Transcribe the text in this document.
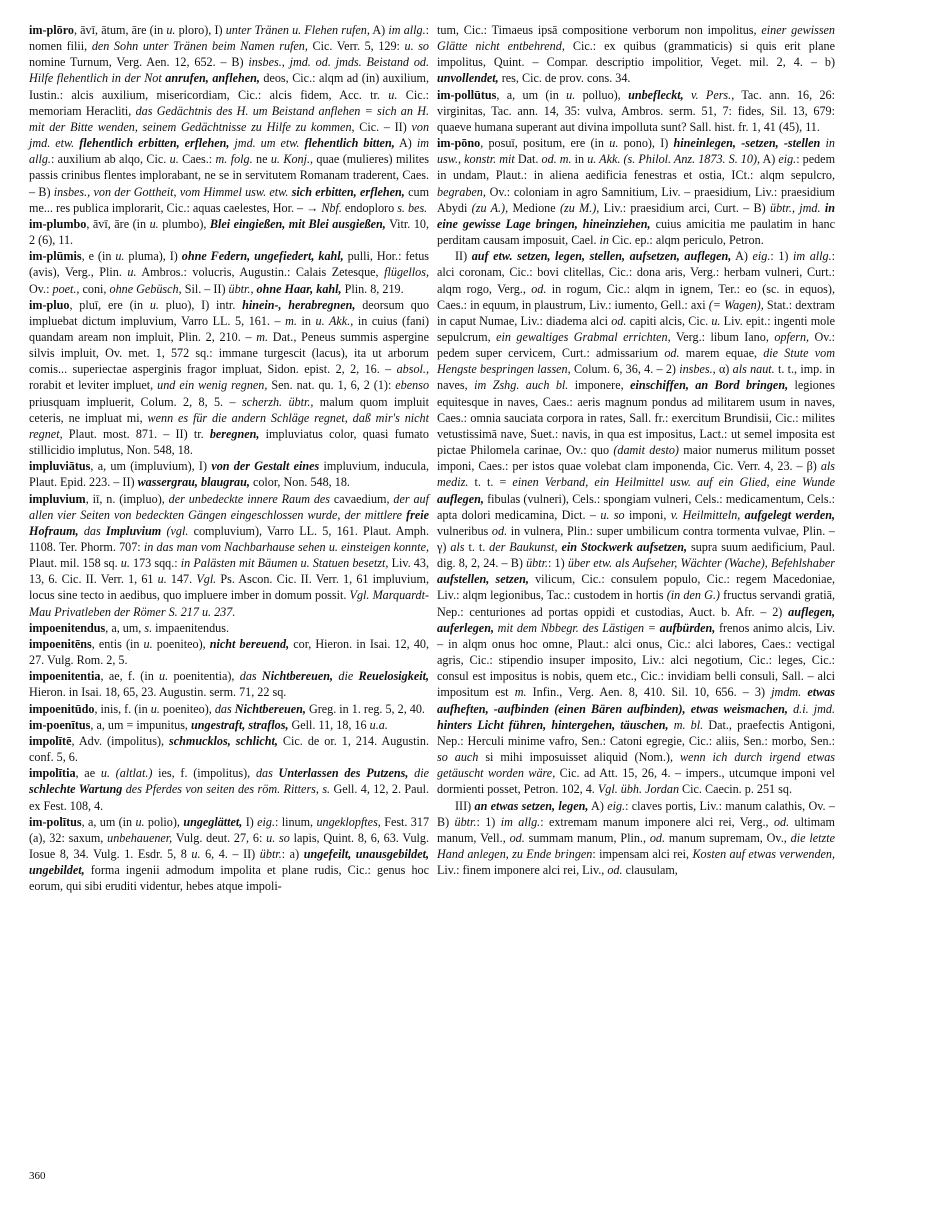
im-plōro, āvī, ātum, āre (in u. ploro), I) unter Tränen u. Flehen rufen, A) im allg.: nomen filii, den Sohn unter Tränen beim Namen rufen, Cic. Verr. 5, 129: u. so nomine Turnum, Verg. Aen. 12, 652. – B) insbes., jmd. od. jmds. Beistand od. Hilfe flehentlich in der Not anrufen, anflehen, deos, Cic.: alqm ad (in) auxilium, Iustin.: alcis auxilium, misericordiam, Cic.: alcis fidem, Acc. tr. u. Cic.: memoriam Heracliti, das Gedächtnis des H. um Beistand anflehen = sich an H. mit der Bitte wenden, seinem Gedächtnisse zu Hilfe zu kommen, Cic. – II) von jmd. etw. flehentlich erbitten, erflehen, jmd. um etw. flehentlich bitten, A) im allg.: auxilium ab alqo, Cic. u. Caes.: m. folg. ne u. Konj., quae (mulieres) milites passis crinibus flentes implorabant, ne se in servitutem Romanam traderent, Caes. – B) insbes., von der Gottheit, vom Himmel usw. etw. sich erbitten, erflehen, cum me... res publica implorarit, Cic.: aquas caelestes, Hor. – → Nbf. endoploro s. bes.

im-plumbo, āvī, āre (in u. plumbo), Blei eingießen, mit Blei ausgießen, Vitr. 10, 2 (6), 11.

im-plūmis, e (in u. pluma), I) ohne Federn, ungefiedert, kahl, pulli, Hor.: fetus (avis), Verg., Plin. u. Ambros.: volucris, Augustin.: Calais Zetesque, flügellos, Ov.: poet., coni, ohne Gebüsch, Sil. – II) übtr., ohne Haar, kahl, Plin. 8, 219.

im-pluo, pluī, ere (in u. pluo), I) intr. hinein-, herabregnen, deorsum quo impluebat dictum impluvium, Varro LL. 5, 161. – m. in u. Akk., in cuius (fani) quandam aream non impluit, Plin. 2, 210. – m. Dat., Peneus summis aspergine silvis impluit, Ov. met. 1, 572 sq.: immane turgescit (lacus), ita ut arborum comis... superiectae asperginis fragor impluat, Sidon. epist. 2, 2, 16. – absol., rorabit et leviter impluet, und ein wenig regnen, Sen. nat. qu. 1, 6, 2 (1): ebenso priusquam impluerit, Colum. 2, 8, 5. – scherzh. übtr., malum quom impluit ceteris, ne impluat mi, wenn es für die andern Schläge regnet, daß mir's nicht regnet, Plaut. most. 871. – II) tr. beregnen, impluviatus color, quasi fumato stillicidio implutus, Non. 548, 18.

impluviātus, a, um (impluvium), I) von der Gestalt eines impluvium, inducula, Plaut. Epid. 223. – II) wassergrau, blaugrau, color, Non. 548, 18.

impluvium, iī, n. (impluo), der unbedeckte innere Raum des cavaedium, der auf allen vier Seiten von bedeckten Gängen eingeschlossen wurde, der mittlere freie Hofraum, das Impluvium (vgl. compluvium), Varro LL. 5, 161. Plaut. Amph. 1108. Ter. Phorm. 707: in das man vom Nachbarhause sehen u. einsteigen konnte, Plaut. mil. 158 sq. u. 173 sqq.: in Palästen mit Bäumen u. Statuen besetzt, Liv. 43, 13, 6. Cic. II. Verr. 1, 61 u. 147. Vgl. Ps. Ascon. Cic. II. Verr. 1, 61 impluvium, locus sine tecto in aedibus, quo impluere imber in domum possit. Vgl. Marquardt-Mau Privatleben der Römer S. 217 u. 237.

impoenitendus, a, um, s. impaenitendus.

impoenitēns, entis (in u. poeniteo), nicht bereuend, cor, Hieron. in Isai. 12, 40, 27. Vulg. Rom. 2, 5.

impoenitentia, ae, f. (in u. poenitentia), das Nichtbereuen, die Reuelosigkeit, Hieron. in Isai. 18, 65, 23. Augustin. serm. 71, 22 sq.

impoenitūdo, inis, f. (in u. poeniteo), das Nichtbereuen, Greg. in 1. reg. 5, 2, 40.

im-poenītus, a, um = impunitus, ungestraft, straflos, Gell. 11, 18, 16 u.a.

impolītē, Adv. (impolitus), schmucklos, schlicht, Cic. de or. 1, 214. Augustin. conf. 5, 6.

impolītia, ae u. (altlat.) ies, f. (impolitus), das Unterlassen des Putzens, die schlechte Wartung des Pferdes von seiten des röm. Ritters, s. Gell. 4, 12, 2. Paul. ex Fest. 108, 4.

im-polītus, a, um (in u. polio), ungeglättet, I) eig.: linum, ungeklopftes, Fest. 317 (a), 32: saxum, unbehauener, Vulg. deut. 27, 6: u. so lapis, Quint. 8, 6, 63. Vulg. Iosue 8, 34. Vulg. 1. Esdr. 5, 8 u. 6, 4. – II) übtr.: a) ungefeilt, unausgebildet, ungebildet, forma ingenii admodum impolita et plane rudis, Cic.: genus hoc eorum, qui sibi eruditi videntur, hebes atque impoli-

tum, Cic.: Timaeus ipsā compositione verborum non impolitus, einer gewissen Glätte nicht entbehrend, Cic.: ex quibus (grammaticis) si quis erit plane impolitus, Quint. – Compar. descriptio impolitior, Veget. mil. 2, 4. – b) unvollendet, res, Cic. de prov. cons. 34.

im-pollūtus, a, um (in u. polluo), unbefleckt, v. Pers., Tac. ann. 16, 26: virginitas, Tac. ann. 14, 35: vulva, Ambros. serm. 51, 7: fides, Sil. 13, 679: quaeve humana superant aut divina impolluta sunt? Sall. hist. fr. 1, 41 (45), 11.

im-pōno, posuī, positum, ere (in u. pono), I) hineinlegen, -setzen, -stellen in usw., konstr. mit Dat. od. m. in u. Akk. (s. Philol. Anz. 1873. S. 10), A) eig.: pedem in undam, Plaut.: in aliena aedificia fenestras et ostia, ICt.: alqm sepulcro, begraben, Ov.: coloniam in agro Samnitium, Liv. – praesidium, Liv.: praesidium Abydi (zu A.), Medione (zu M.), Liv.: praesidium arci, Curt. – B) übtr., jmd. in eine gewisse Lage bringen, hineinziehen, cuius amicitia me paulatim in hanc perditam causam imposuit, Cael. in Cic. ep.: alqm periculo, Petron.

II) auf etw. setzen, legen, stellen, aufsetzen, auflegen, A) eig.: 1) im allg.: alci coronam, Cic.: bovi clitellas, Cic.: dona aris, Verg.: herbam vulneri, Curt.: alqm rogo, Verg., od. in rogum, Cic.: alqm in ignem, Ter.: eo (sc. in equos), Caes.: in equum, in plaustrum, Liv.: iumento, Gell.: axi (= Wagen), Stat.: dextram in caput Numae, Liv.: diadema alci od. capiti alcis, Cic. u. Liv. epit.: ingenti mole sepulcrum, ein gewaltiges Grabmal errichten, Verg.: libum Iano, opfern, Ov.: pedem super cervicem, Curt.: admissarium od. marem equae, die Stute vom Hengste bespringen lassen, Colum. 6, 36, 4. – 2) insbes., α) als naut. t. t., imp. in naves, im Zshg. auch bl. imponere, einschiffen, an Bord bringen, legiones equitesque in naves, Caes.: aeris magnum pondus ad militarem usum in naves, Caes.: omnia sauciata corpora in rates, Sall. fr.: exercitum Brundisii, Cic.: milites vetustissimā nave, Suet.: navis, in qua est impositus, Lact.: ut semel imposita est pictae Philomela carinae, Ov.: quo (damit desto) maior numerus militum posset imponi, Caes.: per istos quae volebat clam imponenda, Cic. Verr. 4, 23. – β) als mediz. t. t. = einen Verband, ein Heilmittel usw. auf ein Glied, eine Wunde auflegen, fibulas (vulneri), Cels.: spongiam vulneri, Cels.: medicamentum, Cels.: apta dolori medicamina, Dict. – u. so imponi, v. Heilmitteln, aufgelegt werden, vulneribus od. in vulnera, Plin.: super umbilicum contra tormenta vulvae, Plin. – γ) als t. t. der Baukunst, ein Stockwerk aufsetzen, supra suum aedificium, Paul. dig. 8, 2, 24. – B) übtr.: 1) über etw. als Aufseher, Wächter (Wache), Befehlshaber aufstellen, setzen, vilicum, Cic.: consulem populo, Cic.: regem Macedoniae, Liv.: alqm legionibus, Tac.: custodem in hortis (in den G.) fructus servandi gratiā, Nep.: centuriones ad portas oppidi et custodias, Auct. b. Afr. – 2) auflegen, auferlegen, mit dem Nbbegr. des Lästigen = aufbürden, frenos animo alcis, Liv. – in alqm onus hoc omne, Plaut.: alci onus, Cic.: alci labores, Caes.: vectigal agris, Cic.: stipendio insuper imposito, Liv.: alci negotium, Cic.: leges, Cic.: consul est impositus is nobis, quem etc., Cic.: invidiam belli consuli, Sall. – alci impositum est m. Infin., Verg. Aen. 8, 410. Sil. 10, 656. – 3) jmdm. etwas aufheften, -aufbinden (einen Bären aufbinden), etwas weismachen, d.i. jmd. hinters Licht führen, hintergehen, täuschen, m. bl. Dat., praefectis Antigoni, Nep.: Herculi minime vafro, Sen.: Catoni egregie, Cic.: aliis, Sen.: morbo, Sen.: so auch si mihi imposuisset aliquid (Nom.), wenn ich durch irgend etwas getäuscht worden wäre, Cic. ad Att. 15, 26, 4. – impers., utcumque imponi vel dormienti posset, Petron. 102, 4. Vgl. übh. Jordan Cic. Caecin. p. 251 sq.

III) an etwas setzen, legen, A) eig.: claves portis, Liv.: manum calathis, Ov. – B) übtr.: 1) im allg.: extremam manum imponere alci rei, Verg., od. ultimam manum, Vell., od. summam manum, Plin., od. manum supremam, Ov., die letzte Hand anlegen, zu Ende bringen: impensam alci rei, Kosten auf etwas verwenden, Liv.: finem imponere alci rei, Liv., od. clausulam,

360
